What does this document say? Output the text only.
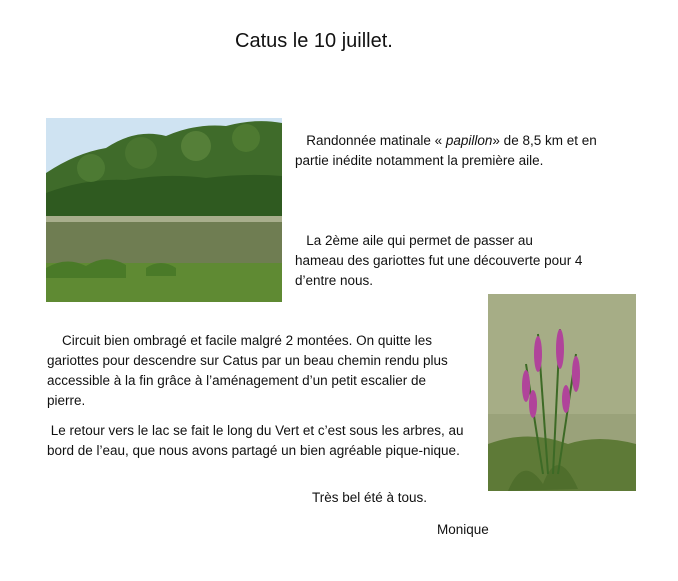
Catus le 10 juillet.
Randonnée matinale « papillon» de 8,5 km et en partie inédite notamment la première aile.
La 2ème aile qui permet de passer au hameau des gariottes fut une découverte pour 4 d’entre nous.
Circuit bien ombragé et facile malgré 2 montées. On quitte les gariottes pour descendre sur Catus par un beau chemin rendu plus accessible à la fin grâce à l’aménagement d’un petit escalier de pierre.
Le retour vers le lac se fait le long du Vert et c’est sous les arbres, au bord de l’eau, que nous avons partagé un bien agréable pique-nique.
Très bel été à tous.
Monique
